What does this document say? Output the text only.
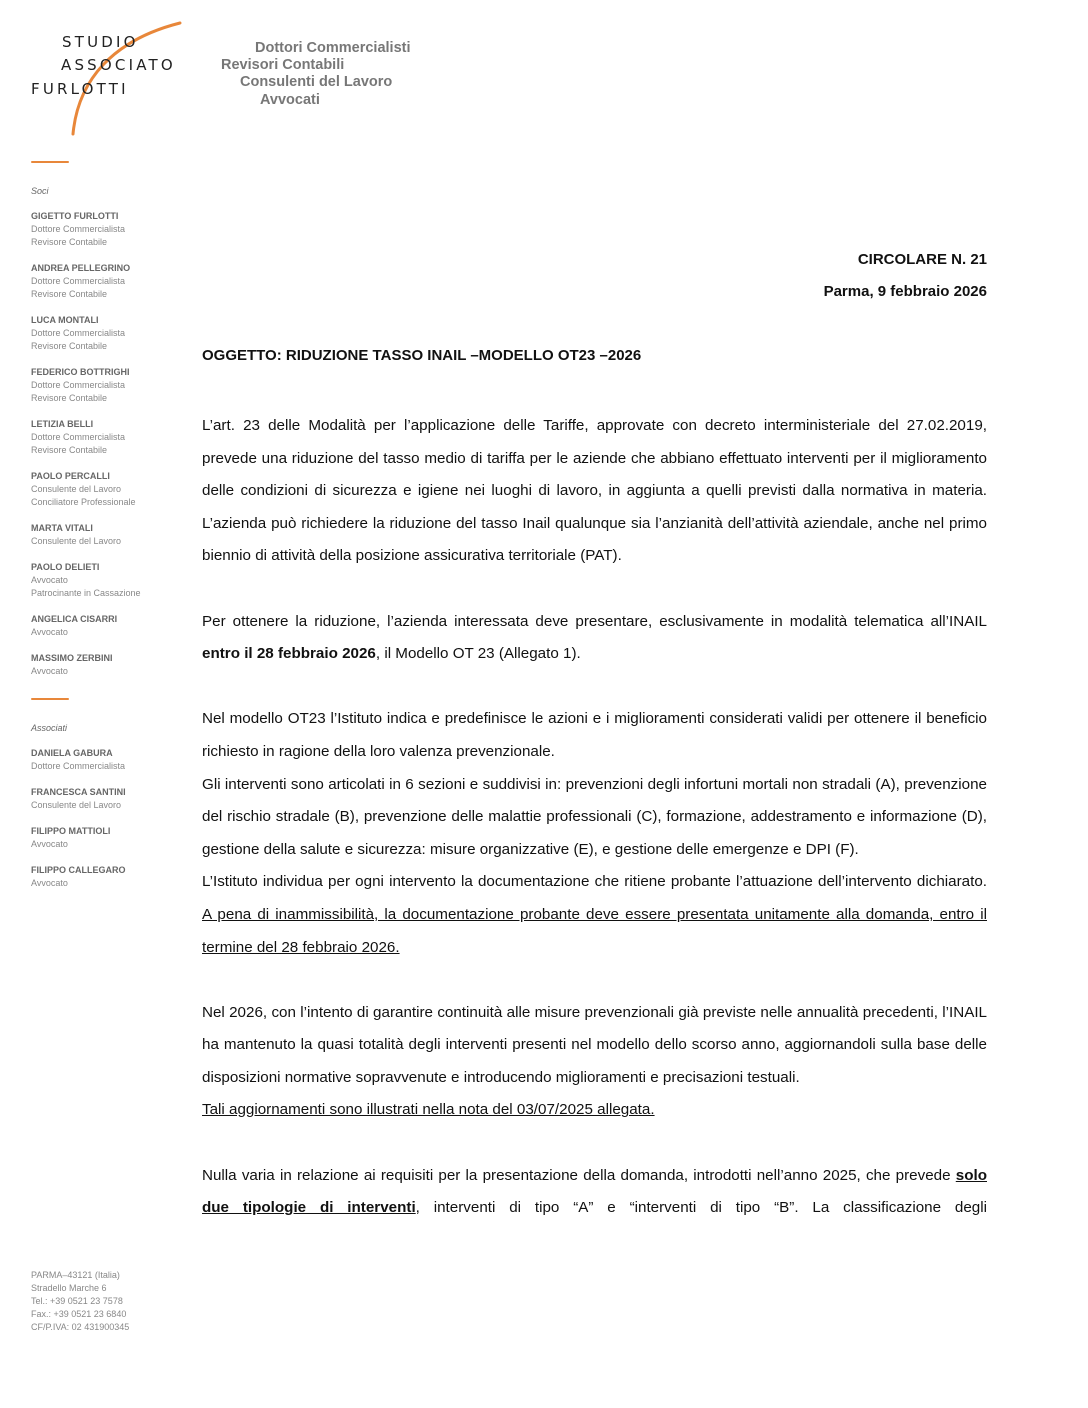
STUDIO
ASSOCIATO
FURLOTTI
Dottori Commercialisti
Revisori Contabili
Consulenti del Lavoro
Avvocati
Soci
GIGETTO FURLOTTI
Dottore Commercialista
Revisore Contabile
ANDREA PELLEGRINO
Dottore Commercialista
Revisore Contabile
LUCA MONTALI
Dottore Commercialista
Revisore Contabile
FEDERICO BOTTRIGHI
Dottore Commercialista
Revisore Contabile
LETIZIA BELLI
Dottore Commercialista
Revisore Contabile
PAOLO PERCALLI
Consulente del Lavoro
Conciliatore Professionale
MARTA VITALI
Consulente del Lavoro
PAOLO DELIETI
Avvocato
Patrocinante in Cassazione
ANGELICA CISARRI
Avvocato
MASSIMO ZERBINI
Avvocato
Associati
DANIELA GABURA
Dottore Commercialista
FRANCESCA SANTINI
Consulente del Lavoro
FILIPPO MATTIOLI
Avvocato
FILIPPO CALLEGARO
Avvocato
PARMA–43121 (Italia)
Stradello Marche 6
Tel.: +39 0521 23 7578
Fax.: +39 0521 23 6840
CF/P.IVA: 02 431900345
CIRCOLARE N. 21
Parma, 9 febbraio 2026
OGGETTO: RIDUZIONE TASSO INAIL –MODELLO OT23 –2026

L’art. 23 delle Modalità per l’applicazione delle Tariffe, approvate con decreto interministeriale del 27.02.2019, prevede una riduzione del tasso medio di tariffa per le aziende che abbiano effettuato interventi per il miglioramento delle condizioni di sicurezza e igiene nei luoghi di lavoro, in aggiunta a quelli previsti dalla normativa in materia. L’azienda può richiedere la riduzione del tasso Inail qualunque sia l’anzianità dell’attività aziendale, anche nel primo biennio di attività della posizione assicurativa territoriale (PAT).

Per ottenere la riduzione, l’azienda interessata deve presentare, esclusivamente in modalità telematica all’INAIL entro il 28 febbraio 2026, il Modello OT 23 (Allegato 1).

Nel modello OT23 l’Istituto indica e predefinisce le azioni e i miglioramenti considerati validi per ottenere il beneficio richiesto in ragione della loro valenza prevenzionale.

Gli interventi sono articolati in 6 sezioni e suddivisi in: prevenzioni degli infortuni mortali non stradali (A), prevenzione del rischio stradale (B), prevenzione delle malattie professionali (C), formazione, addestramento e informazione (D), gestione della salute e sicurezza: misure organizzative (E), e gestione delle emergenze e DPI (F).

L’Istituto individua per ogni intervento la documentazione che ritiene probante l’attuazione dell’intervento dichiarato. A pena di inammissibilità, la documentazione probante deve essere presentata unitamente alla domanda, entro il termine del 28 febbraio 2026.

Nel 2026, con l’intento di garantire continuità alle misure prevenzionali già previste nelle annualità precedenti, l’INAIL ha mantenuto la quasi totalità degli interventi presenti nel modello dello scorso anno, aggiornandoli sulla base delle disposizioni normative sopravvenute e introducendo miglioramenti e precisazioni testuali.

Tali aggiornamenti sono illustrati nella nota del 03/07/2025 allegata.

Nulla varia in relazione ai requisiti per la presentazione della domanda, introdotti nell’anno 2025, che prevede solo due tipologie di interventi, interventi di tipo “A” e “interventi di tipo “B”. La classificazione degli
